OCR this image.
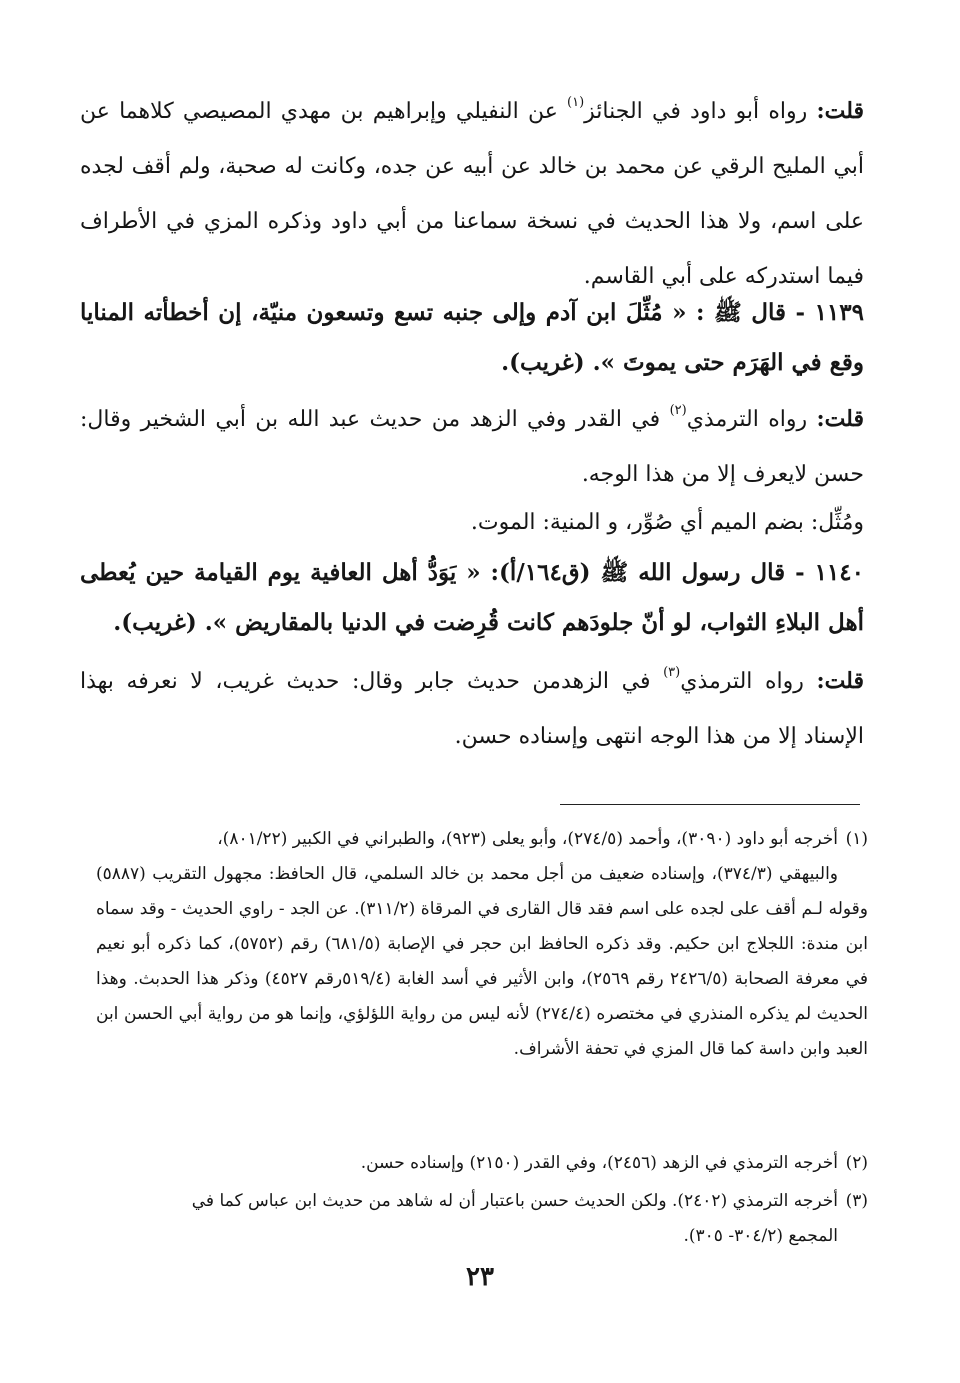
قلت: رواه أبو داود في الجنائز$^{(١)}$ عن النفيلي وإبراهيم بن مهدي المصيصي كلاهما عن أبي المليح الرقي عن محمد بن خالد عن أبيه عن جده، وكانت له صحبة، ولم أقف لجده على اسم، ولا هذا الحديث في نسخة سماعنا من أبي داود وذكره المزي في الأطراف فيما استدركه على أبي القاسم.

١١٣٩ - قال ﷺ : « مُثِّلَ ابن آدم وإلى جنبه تسع وتسعون منيّة، إن أخطأته المنايا وقع في الهَرَم حتى يموتَ ». (غريب).

قلت: رواه الترمذي$^{(٢)}$ في القدر وفي الزهد من حديث عبد الله بن أبي الشخير وقال: حسن لايعرف إلا من هذا الوجه.

ومُثِّل: بضم الميم أي صُوِّر، و المنية: الموت.

١١٤٠ - قال رسول الله ﷺ (ق١٦٤/أ): « يَوَدُّ أهل العافية يوم القيامة حين يُعطى أهل البلاءِ الثواب، لو أنّ جلودَهم كانت قُرِضت في الدنيا بالمقاريض ». (غريب).

قلت: رواه الترمذي$^{(٣)}$ في الزهدمن حديث جابر وقال: حديث غريب، لا نعرفه بهذا الإسناد إلا من هذا الوجه انتهى وإسناده حسن.

(١)أخرجه أبو داود (٣٠٩٠)، وأحمد (٢٧٤/٥)، وأبو يعلى (٩٢٣)، والطبراني في الكبير (٨٠١/٢٢)،
والبيهقي (٣٧٤/٣)، وإسناده ضعيف من أجل محمد بن خالد السلمي، قال الحافظ: مجهول التقريب (٥٨٨٧) وقوله لـم أقف على لجده على اسم فقد قال القارى في المرقاة (٣١١/٢). عن الجد - راوي الحديث - وقد سماه ابن مندة: اللجلاج ابن حكيم. وقد ذكره الحافظ ابن حجر في الإصابة (٦٨١/٥) رقم (٥٧٥٢)، كما ذكره أبو نعيم في معرفة الصحابة (٢٤٢٦/٥ رقم ٢٥٦٩)، وابن الأثير في أسد الغابة (٥١٩/٤رقم ٤٥٢٧) وذكر هذا الحدبث. وهذا الحديث لم يذكره المنذري في مختصره (٢٧٤/٤) لأنه ليس من رواية اللؤلؤي، وإنما هو من رواية أبي الحسن ابن العبد وابن داسة كما قال المزي في تحفة الأشراف.

(٢)أخرجه الترمذي في الزهد (٢٤٥٦)، وفي القدر (٢١٥٠) وإسناده حسن.

(٣)أخرجه الترمذي (٢٤٠٢). ولكن الحديث حسن باعتبار أن له شاهد من حديث ابن عباس كما في
المجمع (٣٠٤/٢- ٣٠٥).

٢٣
